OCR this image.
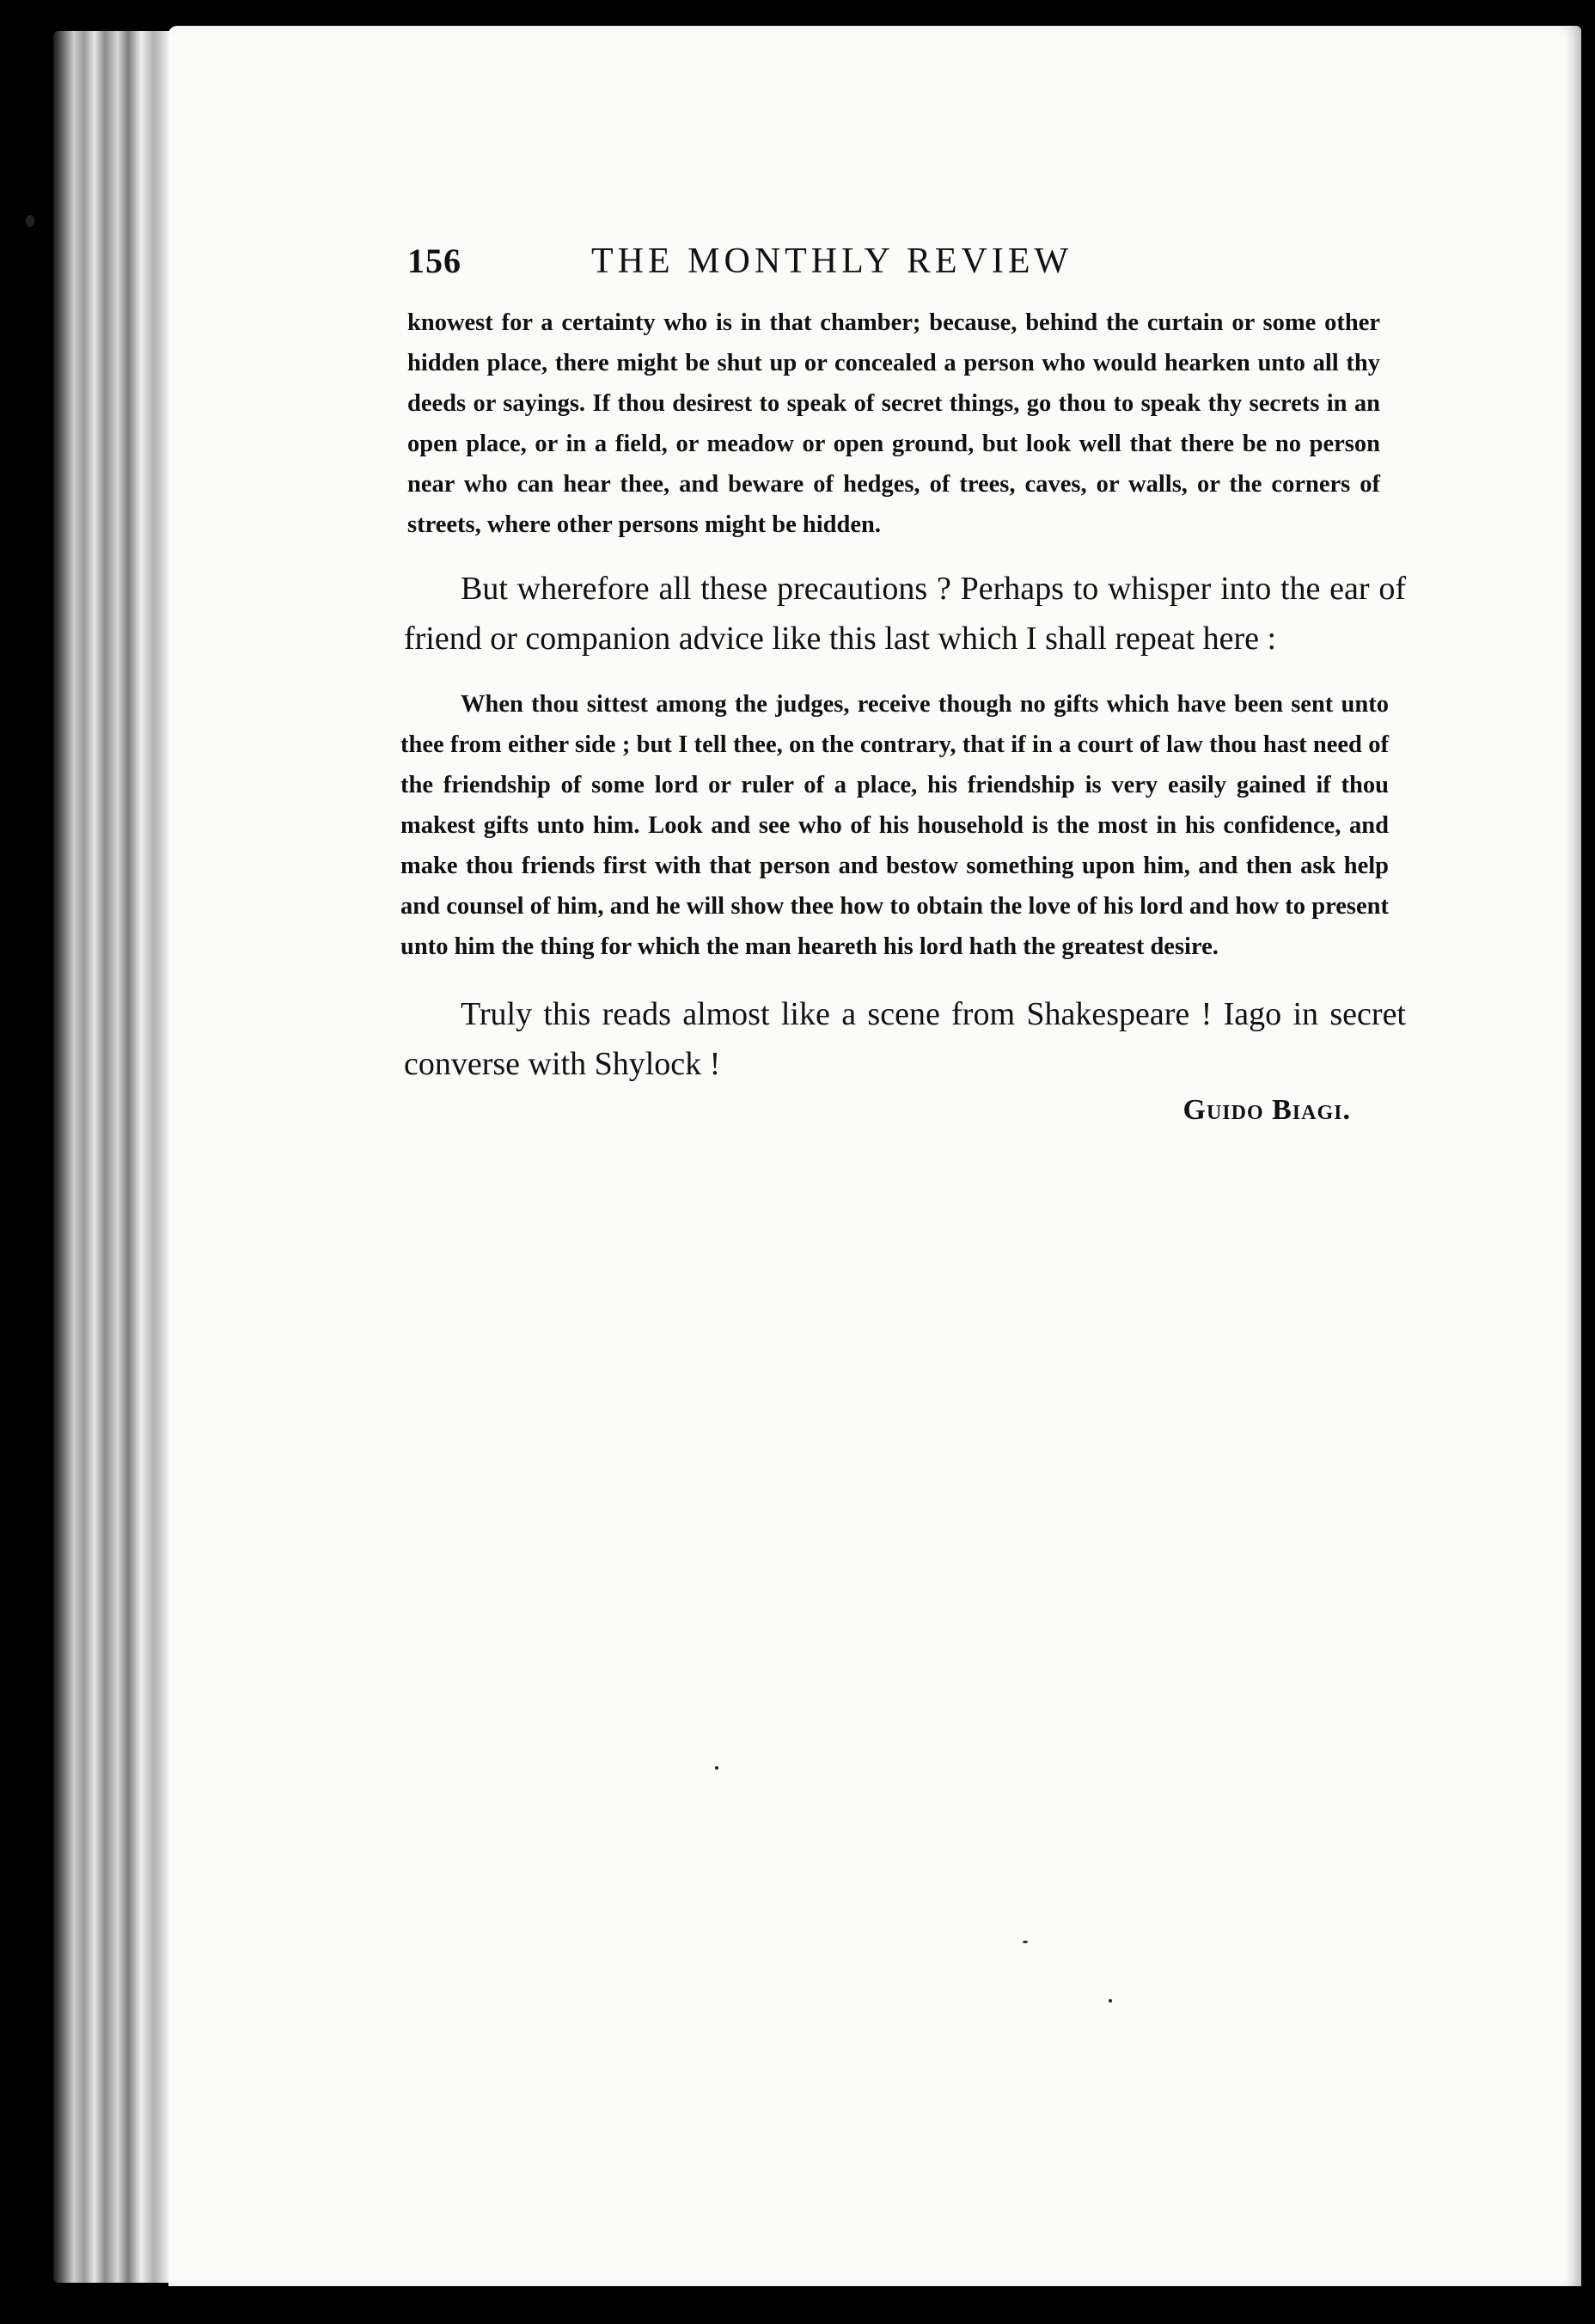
156	THE MONTHLY REVIEW

knowest for a certainty who is in that chamber; because, behind the curtain or some other hidden place, there might be shut up or concealed a person who would hearken unto all thy deeds or sayings. If thou desirest to speak of secret things, go thou to speak thy secrets in an open place, or in a field, or meadow or open ground, but look well that there be no person near who can hear thee, and beware of hedges, of trees, caves, or walls, or the corners of streets, where other persons might be hidden.

But wherefore all these precautions ? Perhaps to whisper into the ear of friend or companion advice like this last which I shall repeat here :

When thou sittest among the judges, receive though no gifts which have been sent unto thee from either side ; but I tell thee, on the contrary, that if in a court of law thou hast need of the friendship of some lord or ruler of a place, his friendship is very easily gained if thou makest gifts unto him. Look and see who of his household is the most in his confidence, and make thou friends first with that person and bestow something upon him, and then ask help and counsel of him, and he will show thee how to obtain the love of his lord and how to present unto him the thing for which the man heareth his lord hath the greatest desire.

Truly this reads almost like a scene from Shakespeare ! Iago in secret converse with Shylock !

Guido Biagi.
